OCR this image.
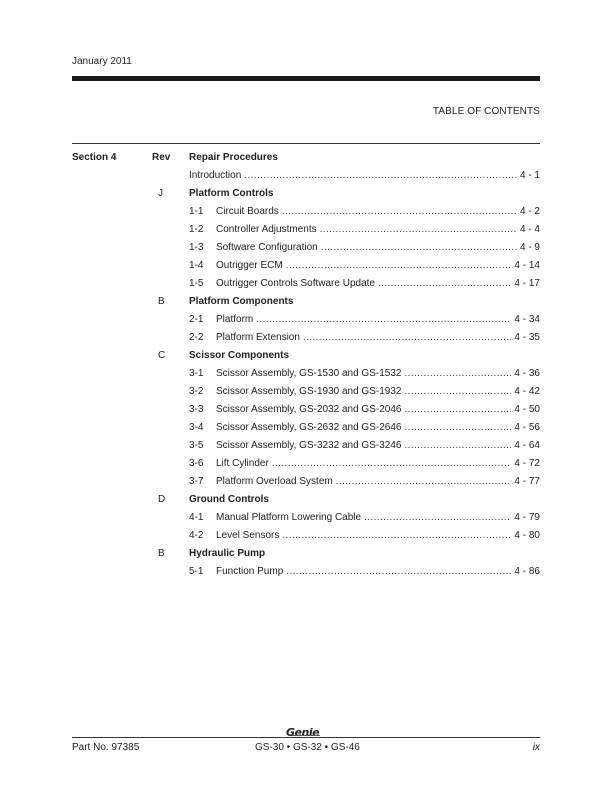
January 2011
TABLE OF CONTENTS
Section 4	Rev Repair Procedures
Introduction .....	4 - 1
J	Platform Controls
1-1 Circuit Boards .....	4 - 2
1-2 Controller Adjustments .....	4 - 4
1-3 Software Configuration .....	4 - 9
1-4 Outrigger ECM .....	4 - 14
1-5 Outrigger Controls Software Update .....	4 - 17
B Platform Components
2-1 Platform .....	4 - 34
2-2 Platform Extension .....	4 - 35
C Scissor Components
3-1 Scissor Assembly, GS-1530 and GS-1532 .....	4 - 36
3-2 Scissor Assembly, GS-1930 and GS-1932 .....	4 - 42
3-3 Scissor Assembly, GS-2032 and GS-2046 .....	4 - 50
3-4 Scissor Assembly, GS-2632 and GS-2646 .....	4 - 56
3-5 Scissor Assembly, GS-3232 and GS-3246 .....	4 - 64
3-6 Lift Cylinder .....	4 - 72
3-7 Platform Overload System .....	4 - 77
D Ground Controls
4-1 Manual Platform Lowering Cable .....	4 - 79
4-2 Level Sensors .....	4 - 80
B Hydraulic Pump
5-1 Function Pump .....	4 - 86
Genie
Part No. 97385	GS-30 • GS-32 • GS-46	ix
